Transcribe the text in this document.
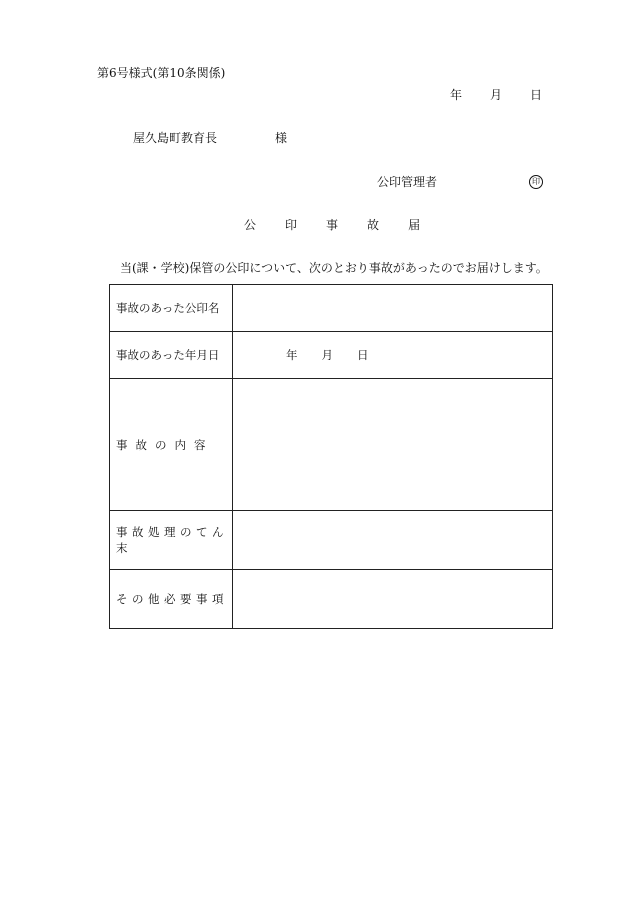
第6号様式(第10条関係)
年 月 日
屋久島町教育長	様
公印管理者	印
公 印 事 故 届
当(課・学校)保管の公印について、次のとおり事故があったのでお届けします。
事故のあった公印名	
事故のあった年月日	年 月 日
事故の内容	
事故処理のてん末	
その他必要事項	
